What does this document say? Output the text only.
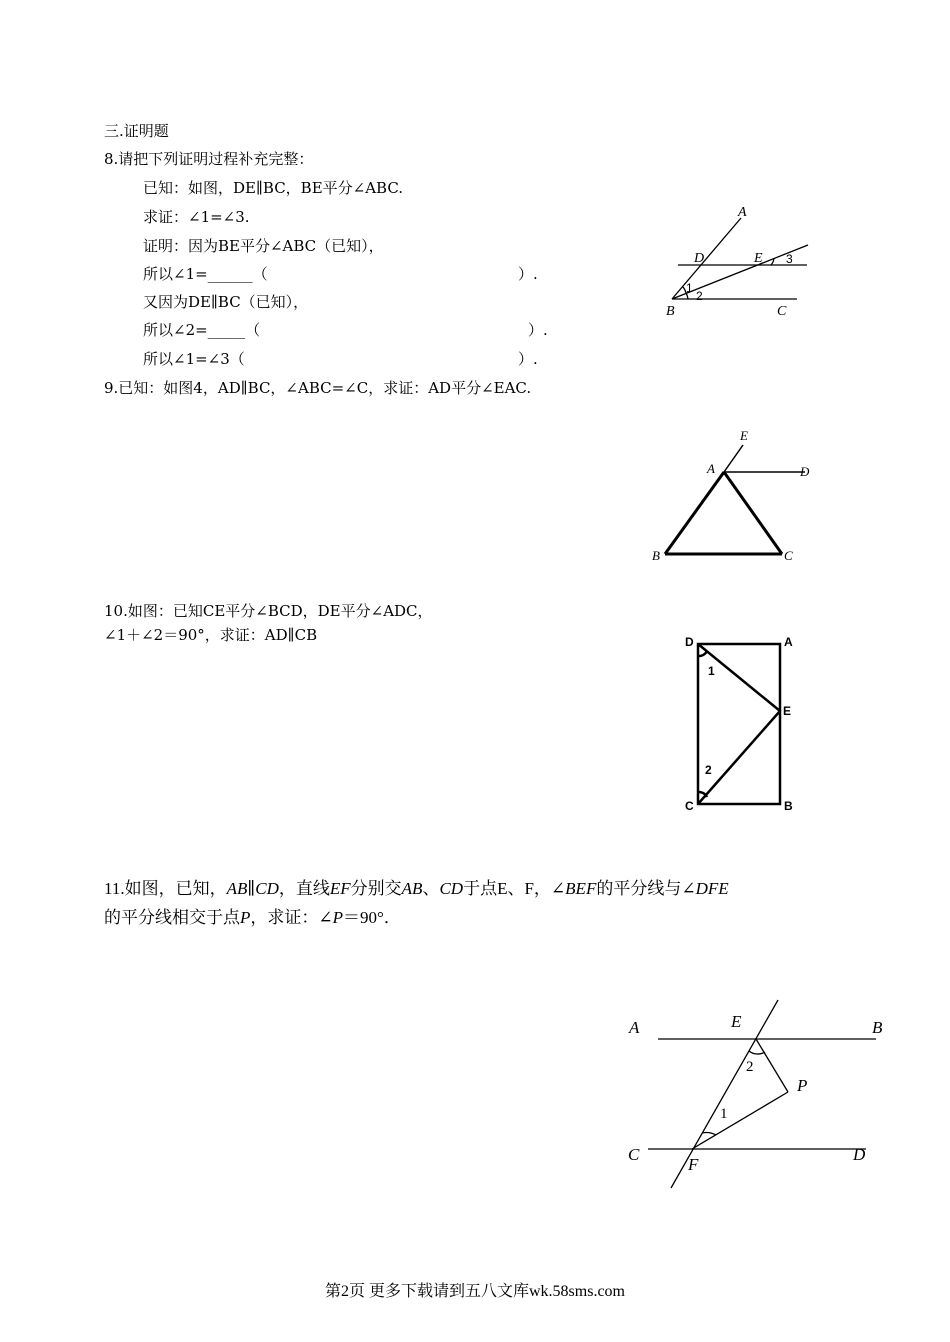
三.证明题
8.请把下列证明过程补充完整：
已知：如图，DE∥BC，BE平分∠ABC.
求证：∠1=∠3.
证明：因为BE平分∠ABC（已知），
所以∠1=______（	）.
又因为DE∥BC（已知），
所以∠2=_____（	）.
所以∠1=∠3（	）.
A
D	E
B	C
1
2
3
9.已知：如图4，AD∥BC，∠ABC=∠C，求证：AD平分∠EAC.
E
A	D
B	C
10.如图：已知CE平分∠BCD，DE平分∠ADC，
∠1＋∠2＝90°，求证：AD∥CB	D	A
E
C	B
1
2
11.如图，已知，AB∥CD，直线EF分别交AB、CD于点E、F，∠BEF的平分线与∠DFE
的平分线相交于点P，求证：∠P＝90°．
A	E	B
P
C
F
D
2
1
第2页 更多下载请到五八文库wk.58sms.com
